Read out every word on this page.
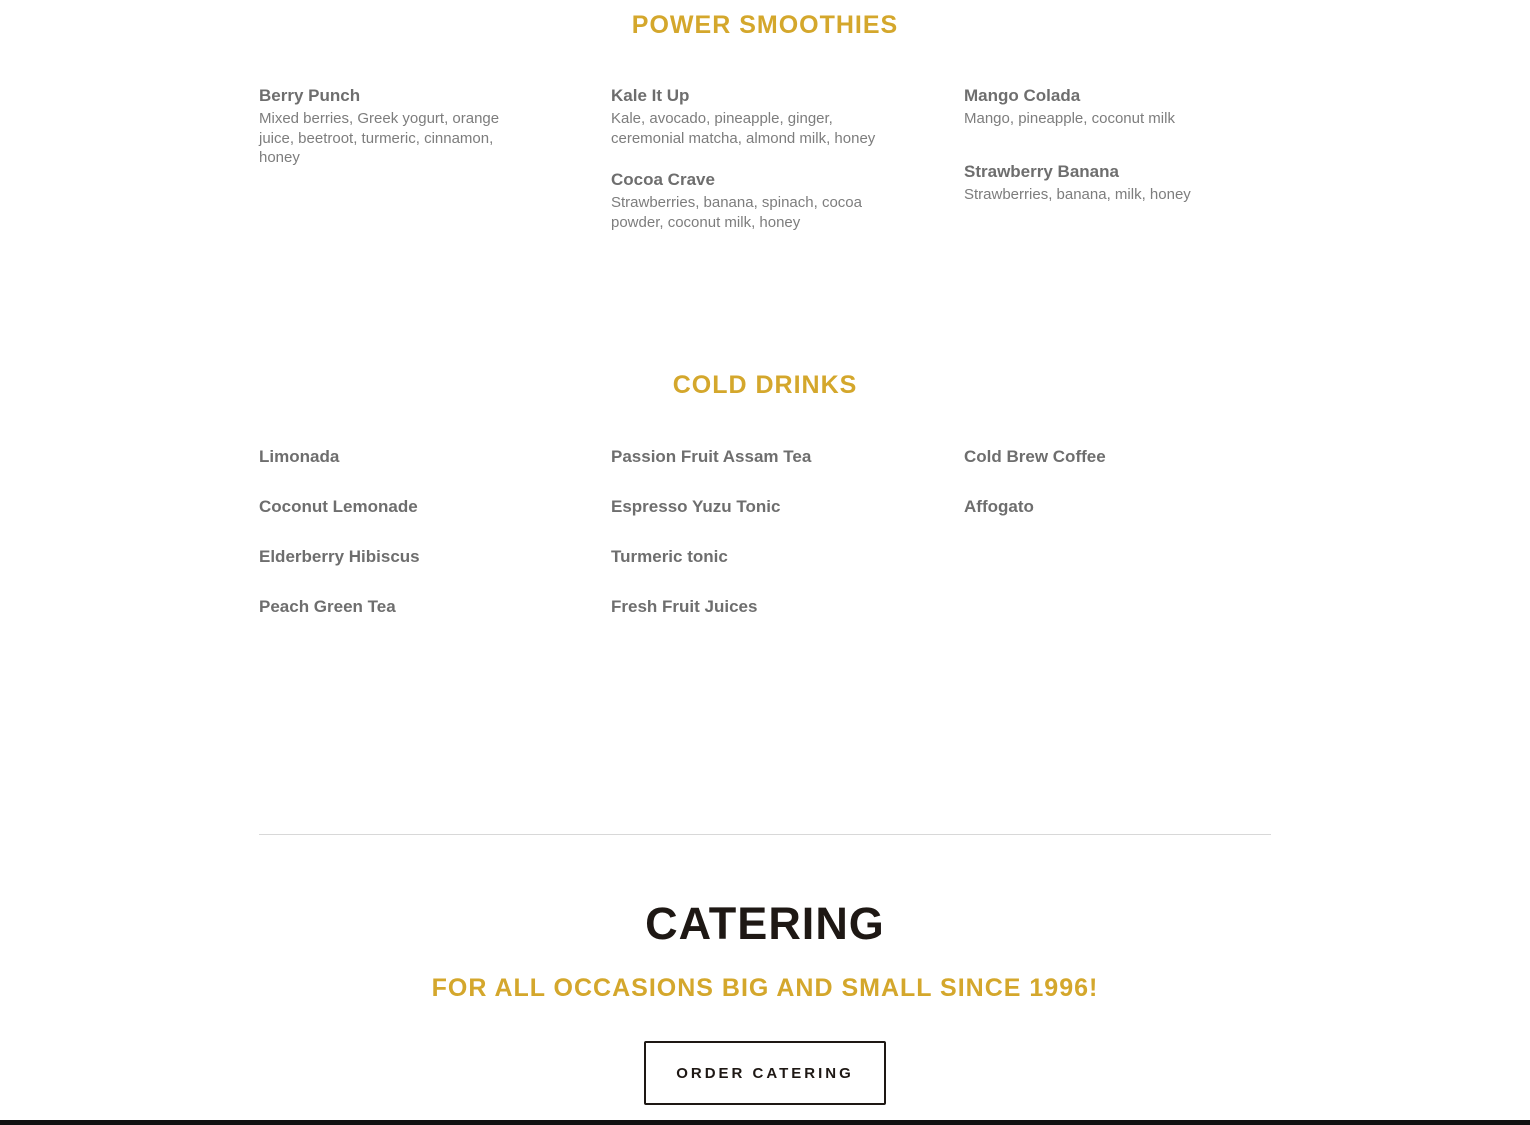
POWER SMOOTHIES

Berry Punch

Mixed berries, Greek yogurt, orange juice, beetroot, turmeric, cinnamon, honey

Kale It Up

Kale, avocado, pineapple, ginger, ceremonial matcha, almond milk, honey

Cocoa Crave

Strawberries, banana, spinach, cocoa powder, coconut milk, honey

Mango Colada

Mango, pineapple, coconut milk

Strawberry Banana

Strawberries, banana, milk, honey

COLD DRINKS

Limonada

Coconut Lemonade

Elderberry Hibiscus

Peach Green Tea

Passion Fruit Assam Tea

Espresso Yuzu Tonic

Turmeric tonic

Fresh Fruit Juices

Cold Brew Coffee

Affogato

CATERING
FOR ALL OCCASIONS BIG AND SMALL SINCE 1996!
ORDER CATERING
